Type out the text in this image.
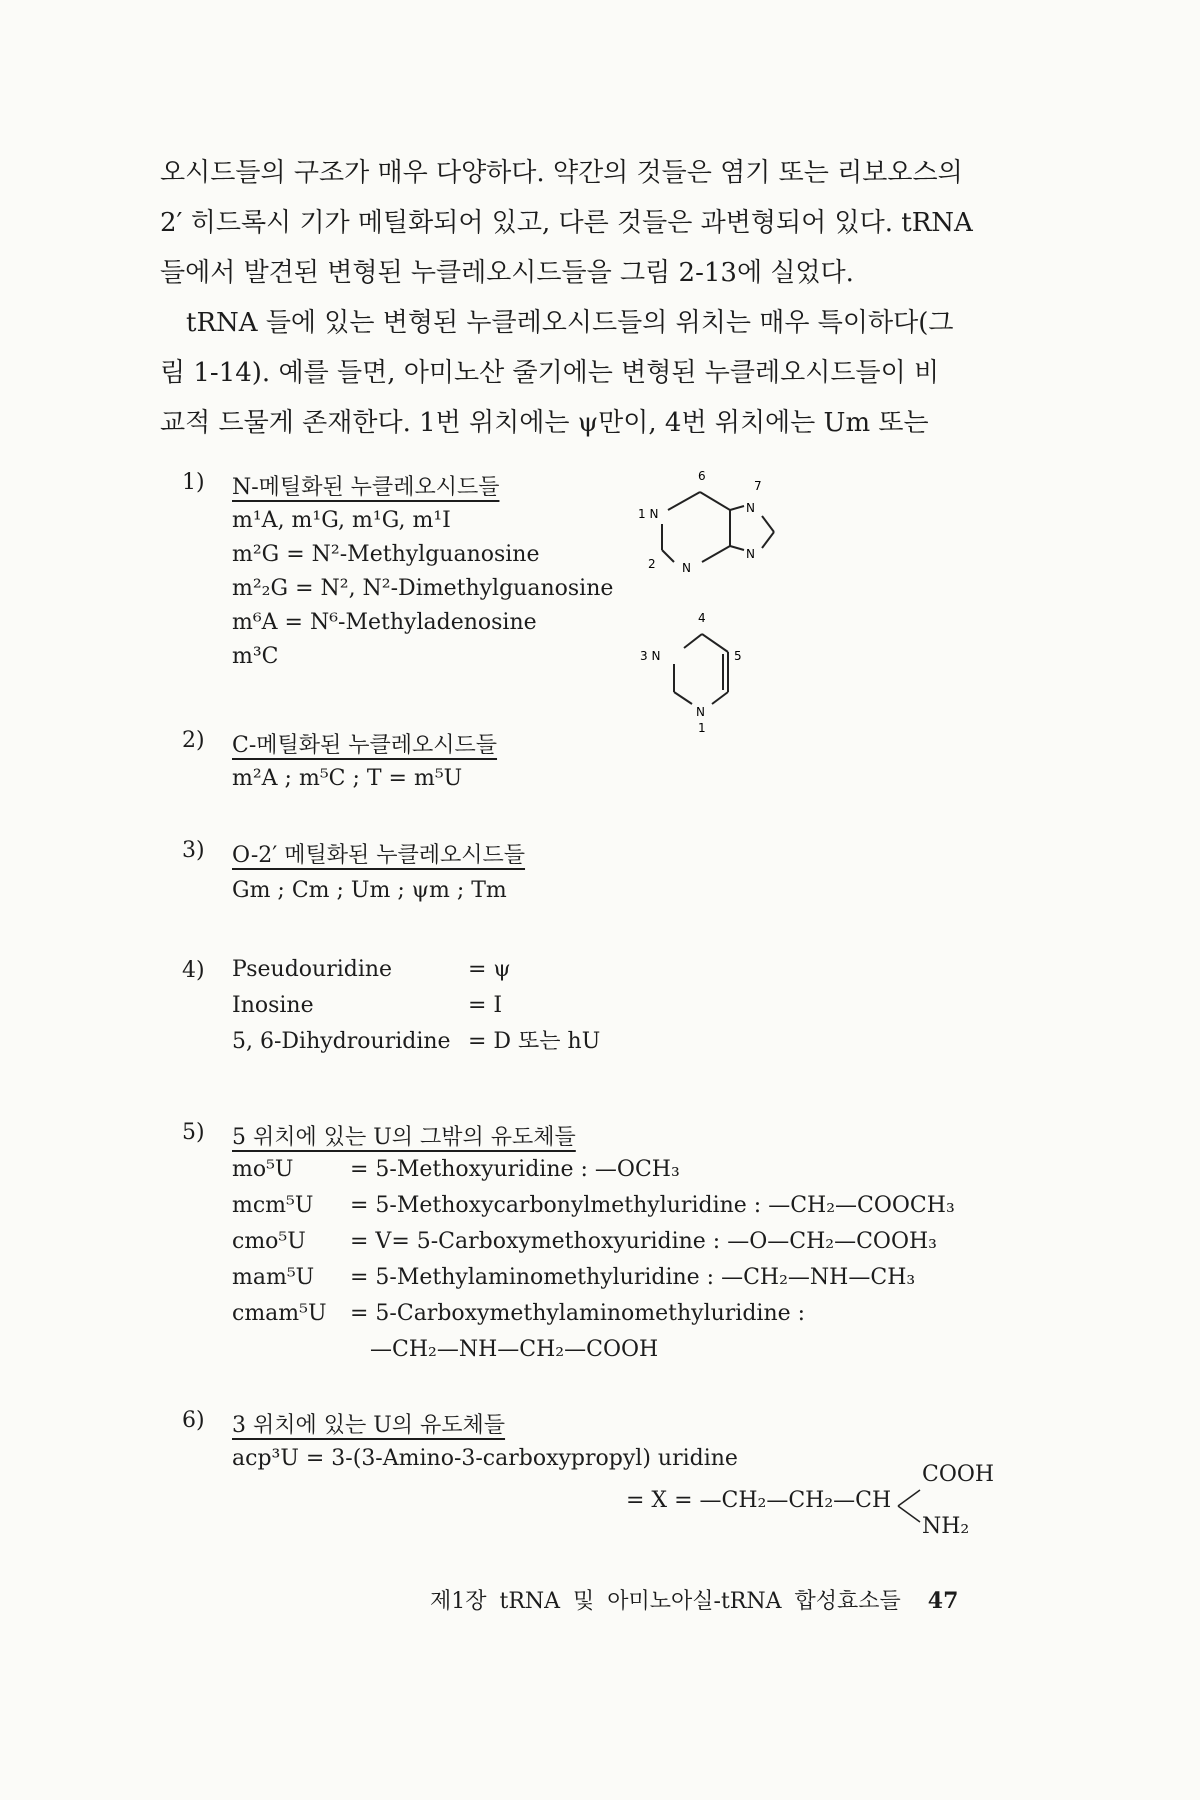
오시드들의 구조가 매우 다양하다. 약간의 것들은 염기 또는 리보오스의
2′ 히드록시 기가 메틸화되어 있고, 다른 것들은 과변형되어 있다. tRNA
들에서 발견된 변형된 누클레오시드들을 그림 2-13에 실었다.
tRNA 들에 있는 변형된 누클레오시드들의 위치는 매우 특이하다(그
림 1-14). 예를 들면, 아미노산 줄기에는 변형된 누클레오시드들이 비
교적 드물게 존재한다. 1번 위치에는 ψ만이, 4번 위치에는 Um 또는
1)	N-메틸화된 누클레오시드들
m¹A, m¹G, m¹G, m¹I
m²G = N²-Methylguanosine
m²₂G = N², N²-Dimethylguanosine
m⁶A = N⁶-Methyladenosine
m³C
6
1 N
2 N
7
N
N
4
3 N	5
N
1
2)	C-메틸화된 누클레오시드들
m²A ; m⁵C ; T = m⁵U
3)	O-2′ 메틸화된 누클레오시드들
Gm ; Cm ; Um ; ψm ; Tm
4)	Pseudouridine	= ψ
Inosine	= I
5, 6-Dihydrouridine = D 또는 hU
5)	5 위치에 있는 U의 그밖의 유도체들
mo⁵U	= 5-Methoxyuridine : —OCH₃
mcm⁵U	= 5-Methoxycarbonylmethyluridine : —CH₂—COOCH₃
cmo⁵U	= V= 5-Carboxymethoxyuridine : —O—CH₂—COOH₃
mam⁵U	= 5-Methylaminomethyluridine : —CH₂—NH—CH₃
cmam⁵U	= 5-Carboxymethylaminomethyluridine :
—CH₂—NH—CH₂—COOH
6)	3 위치에 있는 U의 유도체들
acp³U = 3-(3-Amino-3-carboxypropyl) uridine
COOH
= X = —CH₂—CH₂—CH
NH₂
제1장 tRNA 및 아미노아실-tRNA 합성효소들 47
